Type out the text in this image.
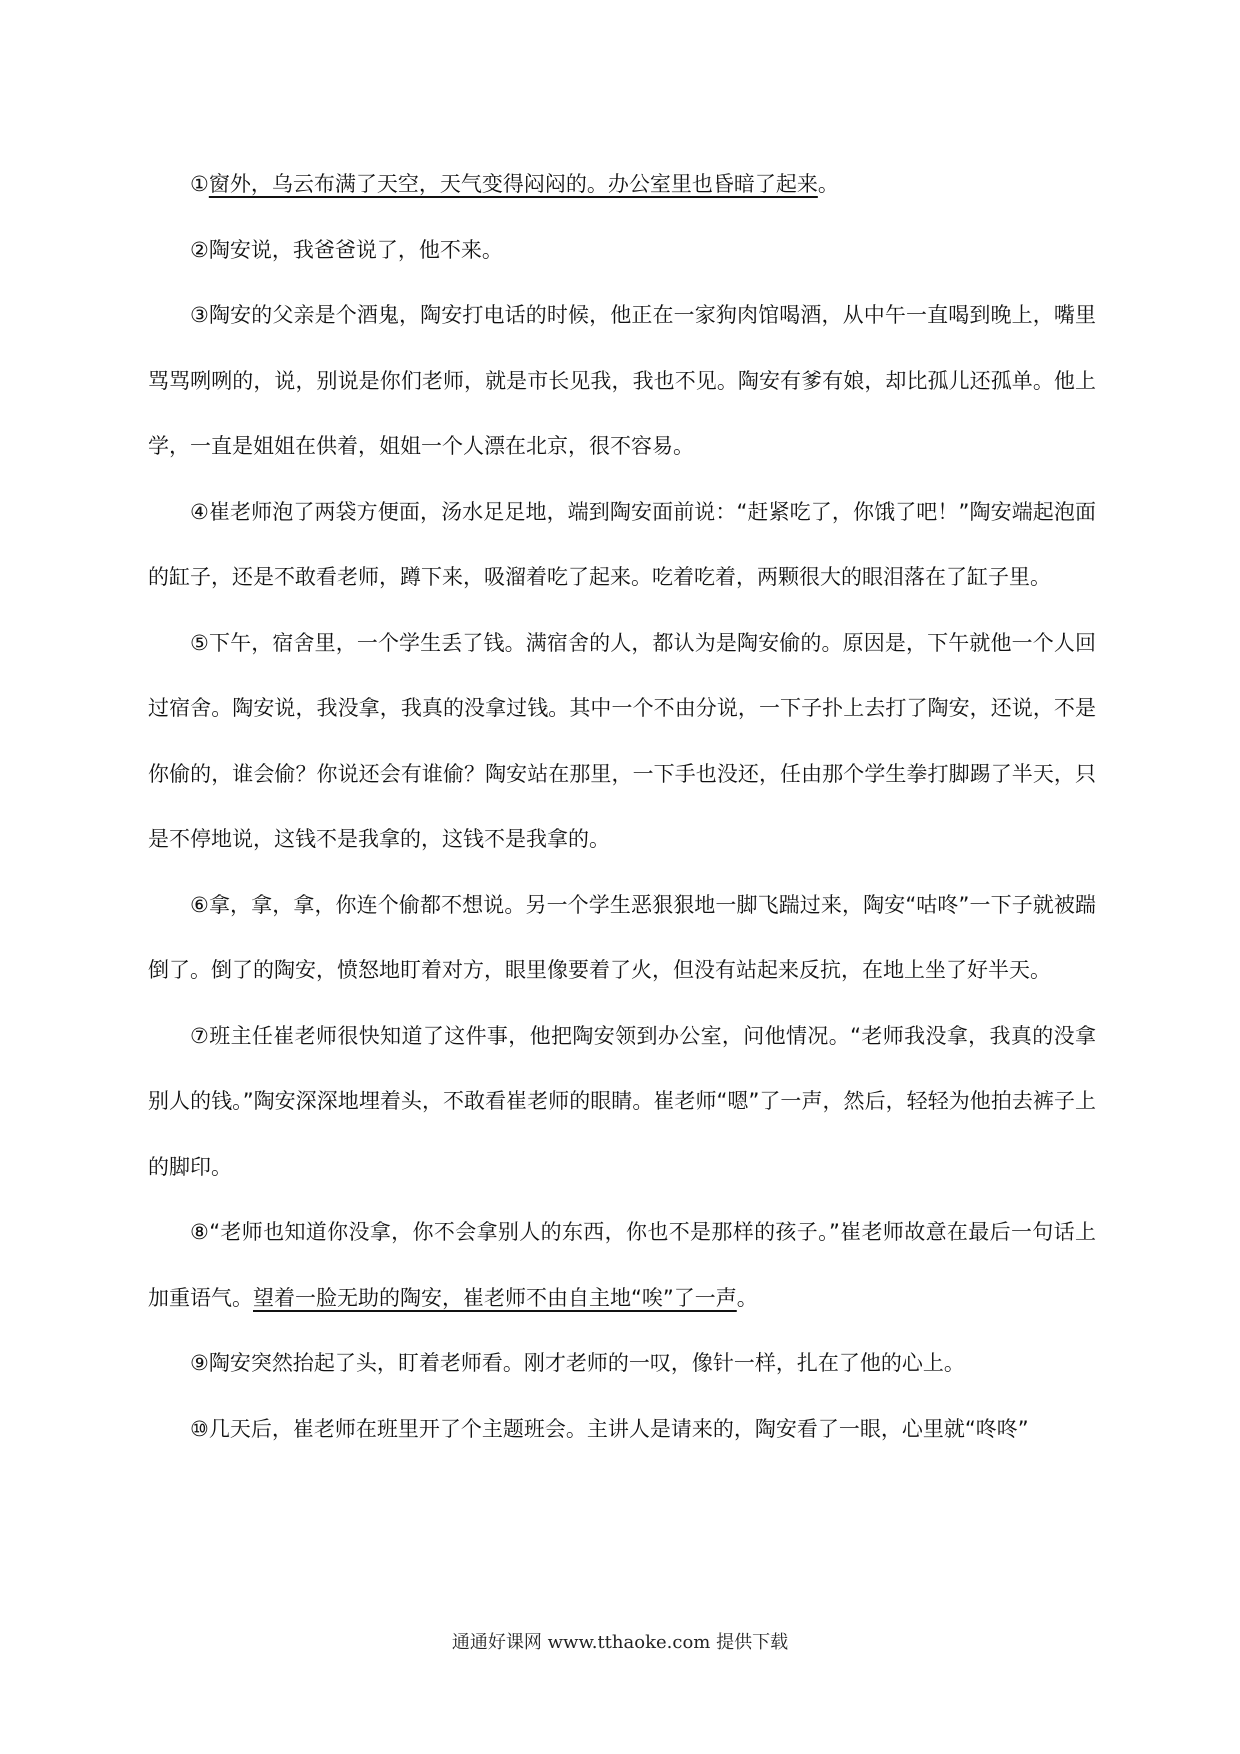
①窗外，乌云布满了天空，天气变得闷闷的。办公室里也昏暗了起来。

②陶安说，我爸爸说了，他不来。

③陶安的父亲是个酒鬼，陶安打电话的时候，他正在一家狗肉馆喝酒，从中午一直喝到晚上，嘴里骂骂咧咧的，说，别说是你们老师，就是市长见我，我也不见。陶安有爹有娘，却比孤儿还孤单。他上学，一直是姐姐在供着，姐姐一个人漂在北京，很不容易。

④崔老师泡了两袋方便面，汤水足足地，端到陶安面前说：“赶紧吃了，你饿了吧！”陶安端起泡面的缸子，还是不敢看老师，蹲下来，吸溜着吃了起来。吃着吃着，两颗很大的眼泪落在了缸子里。

⑤下午，宿舍里，一个学生丢了钱。满宿舍的人，都认为是陶安偷的。原因是，下午就他一个人回过宿舍。陶安说，我没拿，我真的没拿过钱。其中一个不由分说，一下子扑上去打了陶安，还说，不是你偷的，谁会偷？你说还会有谁偷？陶安站在那里，一下手也没还，任由那个学生拳打脚踢了半天，只是不停地说，这钱不是我拿的，这钱不是我拿的。

⑥拿，拿，拿，你连个偷都不想说。另一个学生恶狠狠地一脚飞踹过来，陶安“咕咚”一下子就被踹倒了。倒了的陶安，愤怒地盯着对方，眼里像要着了火，但没有站起来反抗，在地上坐了好半天。

⑦班主任崔老师很快知道了这件事，他把陶安领到办公室，问他情况。“老师我没拿，我真的没拿别人的钱。”陶安深深地埋着头，不敢看崔老师的眼睛。崔老师“嗯”了一声，然后，轻轻为他拍去裤子上的脚印。

⑧“老师也知道你没拿，你不会拿别人的东西，你也不是那样的孩子。”崔老师故意在最后一句话上加重语气。望着一脸无助的陶安，崔老师不由自主地“唉”了一声。

⑨陶安突然抬起了头，盯着老师看。刚才老师的一叹，像针一样，扎在了他的心上。

⑩几天后，崔老师在班里开了个主题班会。主讲人是请来的，陶安看了一眼，心里就“咚咚”

通通好课网 www.tthaoke.com 提供下载
